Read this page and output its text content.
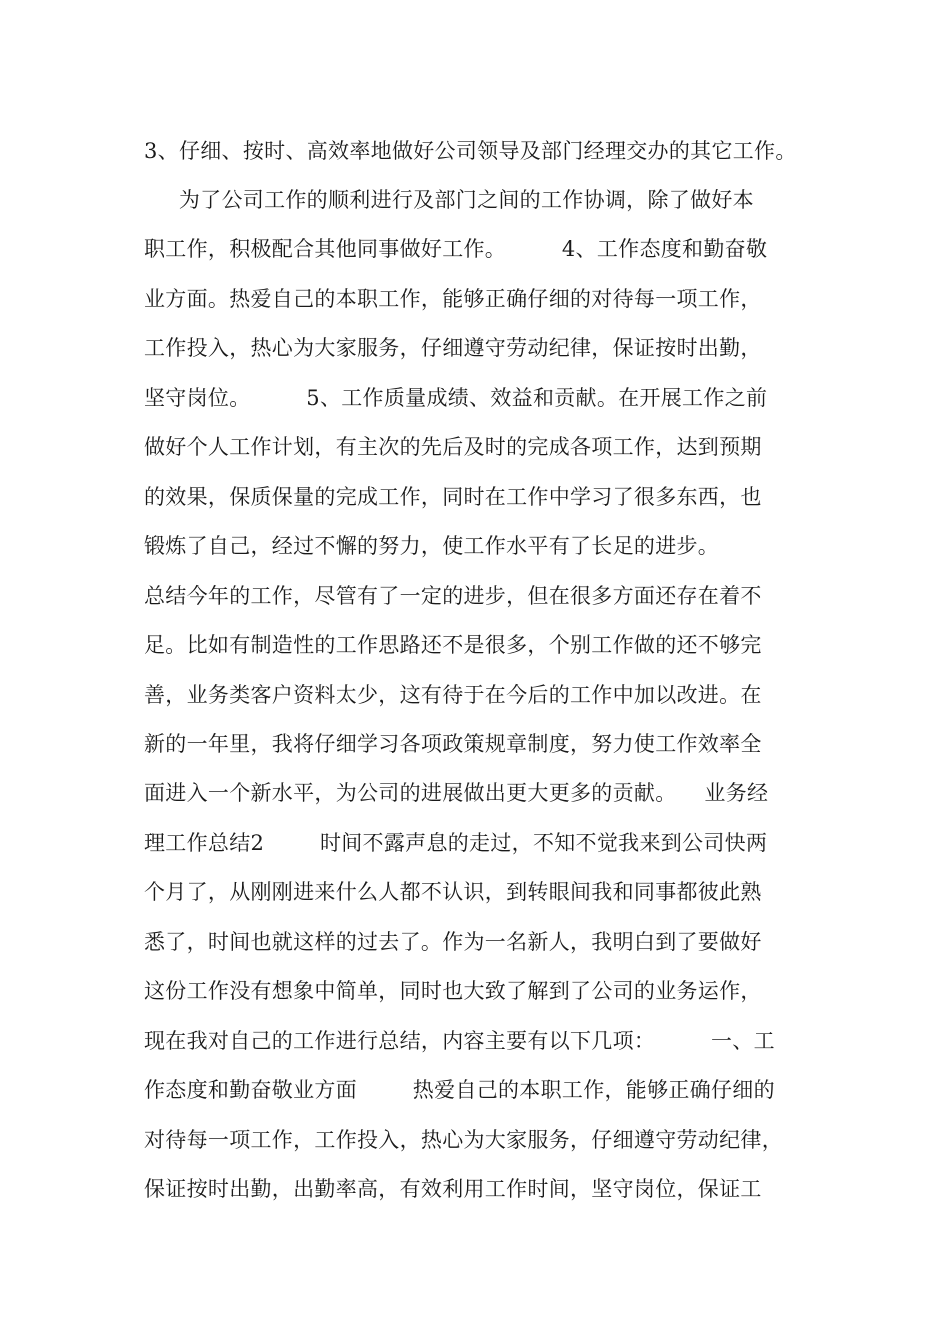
3、仔细、按时、高效率地做好公司领导及部门经理交办的其它工作。
为了公司工作的顺利进行及部门之间的工作协调，除了做好本
职工作，积极配合其他同事做好工作。        4、工作态度和勤奋敬
业方面。热爱自己的本职工作，能够正确仔细的对待每一项工作，
工作投入，热心为大家服务，仔细遵守劳动纪律，保证按时出勤，
坚守岗位。        5、工作质量成绩、效益和贡献。在开展工作之前
做好个人工作计划，有主次的先后及时的完成各项工作，达到预期
的效果，保质保量的完成工作，同时在工作中学习了很多东西，也
锻炼了自己，经过不懈的努力，使工作水平有了长足的进步。
总结今年的工作，尽管有了一定的进步，但在很多方面还存在着不
足。比如有制造性的工作思路还不是很多，个别工作做的还不够完
善，业务类客户资料太少，这有待于在今后的工作中加以改进。在
新的一年里，我将仔细学习各项政策规章制度，努力使工作效率全
面进入一个新水平，为公司的进展做出更大更多的贡献。    业务经
理工作总结2        时间不露声息的走过，不知不觉我来到公司快两
个月了，从刚刚进来什么人都不认识，到转眼间我和同事都彼此熟
悉了，时间也就这样的过去了。作为一名新人，我明白到了要做好
这份工作没有想象中简单，同时也大致了解到了公司的业务运作，
现在我对自己的工作进行总结，内容主要有以下几项：        一、工
作态度和勤奋敬业方面        热爱自己的本职工作，能够正确仔细的
对待每一项工作，工作投入，热心为大家服务，仔细遵守劳动纪律，
保证按时出勤，出勤率高，有效利用工作时间，坚守岗位，保证工
